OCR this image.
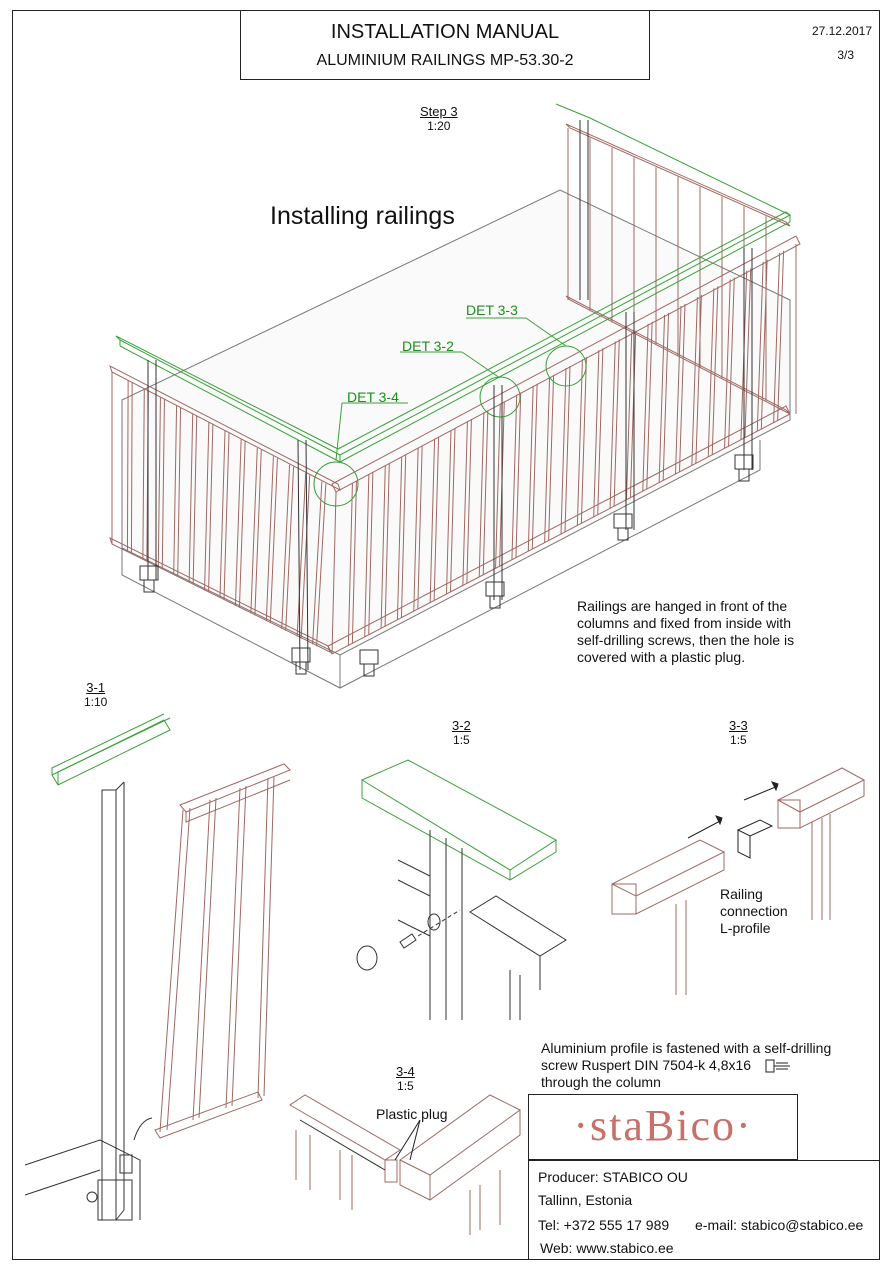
INSTALLATION MANUAL
ALUMINIUM RAILINGS MP-53.30-2
27.12.2017
3/3
Step 3
1:20
Installing railings
DET 3-3
DET 3-2
DET 3-4
Railings are hanged in front of the
columns and fixed from inside with
self-drilling screws, then the hole is
covered with a plastic plug.
3-1
1:10
3-2
1:5
3-3
1:5
Railing
connection
L-profile
Aluminium profile is fastened with a self-drilling
screw Ruspert DIN 7504-k 4,8x16
through the column
3-4
1:5
Plastic plug	·staBico·
Producer: STABICO OU
Tallinn, Estonia
Tel: +372 555 17 989 e-mail: stabico@stabico.ee
Web: www.stabico.ee
